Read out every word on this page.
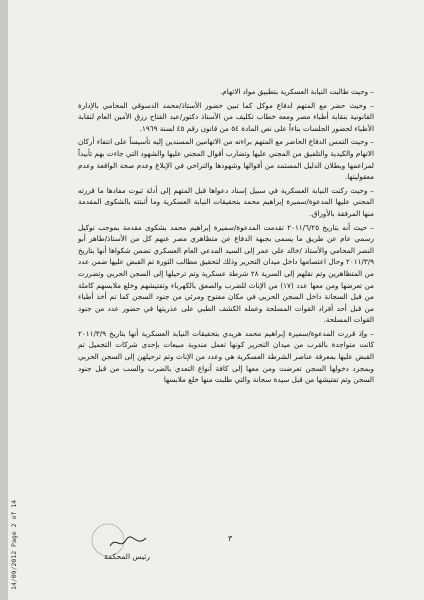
– وحيث طالبت النيابة العسكرية بتطبيق مواد الاتهام.

– وحيث حضر مع المتهم لدفاع موكل كما تبين حضور الأستاذ/محمد الدسوقي المحامي بالإدارة القانونية بنقابة أطباء مصر ومعه خطاب تكليف من الأستاذ دكتور/عبد الفتاح رزق الأمين العام لنقابة الأطباء لحضور الجلسات بناءاً على نص المادة ٥٤ من قانون رقم ٤٥ لسنة ١٩٦٩.

– وحيث التمس الدفاع الحاضر مع المتهم براءته من الاتهامين المسندين إليه تأسيساً على انتفاء أركان الاتهام والكيدية والتلفيق من المجني عليها وتضارب أقوال المجني عليها والشهود التي جاءت بهم تأبيداً لمزاعمها وبطلان الدليل المستمد من أقوالها وشهودها والتراخي في الإبلاغ وعدم صحة الواقعة وعدم معقوليتها.

– وحيث ركنت النيابة العسكرية في سبيل إسناد دعواها قبل المتهم إلى أدلة ثبوت مفادها ما قررته المجني عليها المدعوة/سميرة إبراهيم محمد بتحقيقات النيابة العسكرية وما أثبتته بالشكوى المقدمة منها المرفقة بالأوراق.

– حيث أنه بتاريخ ٢٠١١/٦/٢٥ تقدمت المدعوة/سميرة إبراهيم محمد بشكوى مقدمة بموجب توكيل رسمي عام عن طريق ما يسمى بجبهة الدفاع عن متظاهري مصر عنهم كل من الأستاذ/طاهر أبو النصر المحامي والأستاذ /خالد علي عمر إلى السيد المدعي العام العسكري تضمن شكواها أنها بتاريخ ٢٠١١/٣/٩ وحال اعتصامها داخل ميدان التحرير وذلك لتحقيق مطالب الثورة تم القبض عليها ضمن عدد من المتظاهرين وتم نقلهم إلى السرية ٢٨ شرطة عسكرية وتم ترحيلها إلى السجن الحربي وتضررت من تعرضها ومن معها عدد (١٧) من الإناث للضرب والصعق بالكهرباء وتفتيشهم وخلع ملابسهم كاملة من قبل السجانة داخل السجن الحربي في مكان مفتوح ومرئي من جنود السجن كما تم أخذ أطباء من قبل أحد أفراد القوات المسلحة وعمله الكشف الطبي على عذريتها في حضور عدد من جنود القوات المسلحة.

– وإذ قررت المدعوة/سميرة إبراهيم محمد هريدي بتحقيقات النيابة العسكرية أنها بتاريخ ٢٠١١/٣/٩ كانت متواجدة بالقرب من ميدان التحرير كونها تعمل مندوبة مبيعات بإحدى شركات التجميل تم القبض عليها بمعرفة عناصر الشرطة العسكرية هي وعدد من الإناث وتم ترحيلهن إلى السجن الحربي وبمجرد دخولها السجن تعرضت ومن معها إلى كافة أنواع التعدي بالضرب والسب من قبل جنود السجن وتم تفتيشها من قبل سيدة سجانة والتي طلبت منها خلع ملابسها

٣
رئيس المحكمة
14/09/2012 Page 2 of 14
